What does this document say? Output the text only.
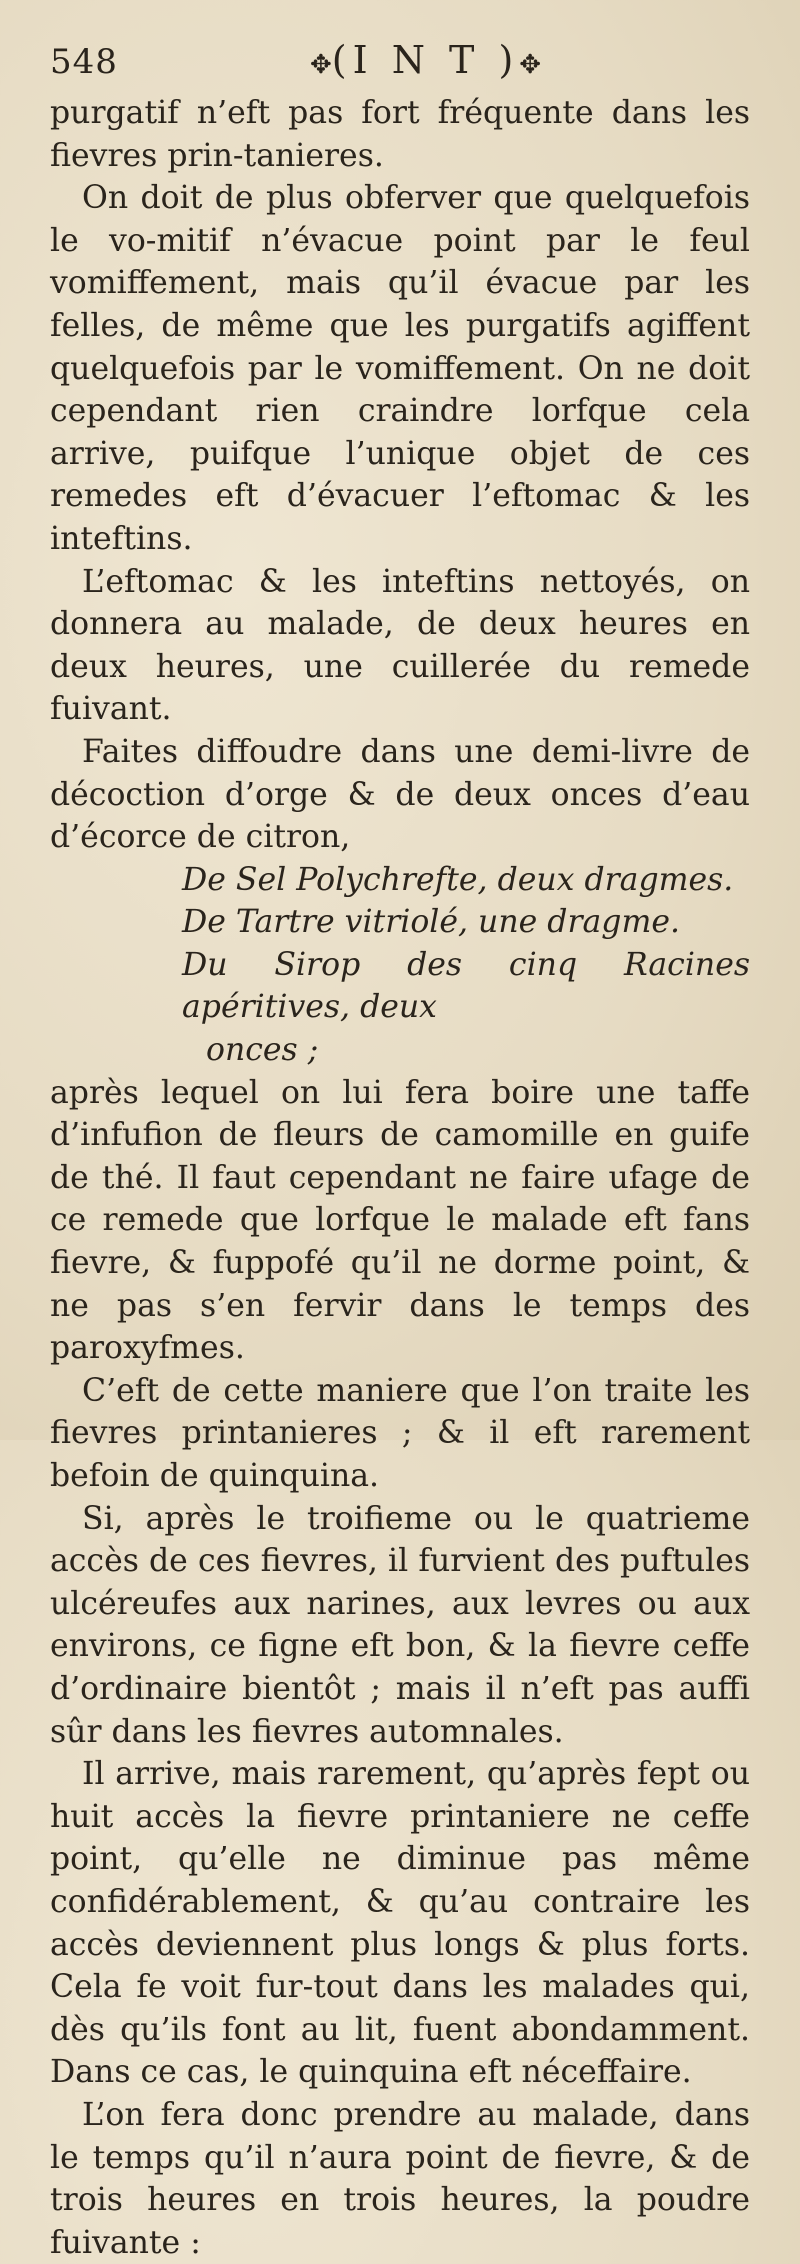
548	✥(I N T )✥

purgatif n’eft pas fort fréquente dans les fievres prin-tanieres.

On doit de plus obferver que quelquefois le vo-mitif n’évacue point par le feul vomiffement, mais qu’il évacue par les felles, de même que les purgatifs agiffent quelquefois par le vomiffement. On ne doit cependant rien craindre lorfque cela arrive, puifque l’unique objet de ces remedes eft d’évacuer l’eftomac & les inteftins.

L’eftomac & les inteftins nettoyés, on donnera au malade, de deux heures en deux heures, une cuillerée du remede fuivant.

Faites diffoudre dans une demi-livre de décoction d’orge & de deux onces d’eau d’écorce de citron,

De Sel Polychrefte, deux dragmes.

De Tartre vitriolé, une dragme.

Du Sirop des cinq Racines apéritives, deux

onces ;

après lequel on lui fera boire une taffe d’infufion de fleurs de camomille en guife de thé. Il faut cependant ne faire ufage de ce remede que lorfque le malade eft fans fievre, & fuppofé qu’il ne dorme point, & ne pas s’en fervir dans le temps des paroxyfmes.

C’eft de cette maniere que l’on traite les fievres printanieres ; & il eft rarement befoin de quinquina.

Si, après le troifieme ou le quatrieme accès de ces fievres, il furvient des puftules ulcéreufes aux narines, aux levres ou aux environs, ce figne eft bon, & la fievre ceffe d’ordinaire bientôt ; mais il n’eft pas auffi sûr dans les fievres automnales.

Il arrive, mais rarement, qu’après fept ou huit accès la fievre printaniere ne ceffe point, qu’elle ne diminue pas même confidérablement, & qu’au contraire les accès deviennent plus longs & plus forts. Cela fe voit fur-tout dans les malades qui, dès qu’ils font au lit, fuent abondamment. Dans ce cas, le quinquina eft néceffaire.

L’on fera donc prendre au malade, dans le temps qu’il n’aura point de fievre, & de trois heures en trois heures, la poudre fuivante :
